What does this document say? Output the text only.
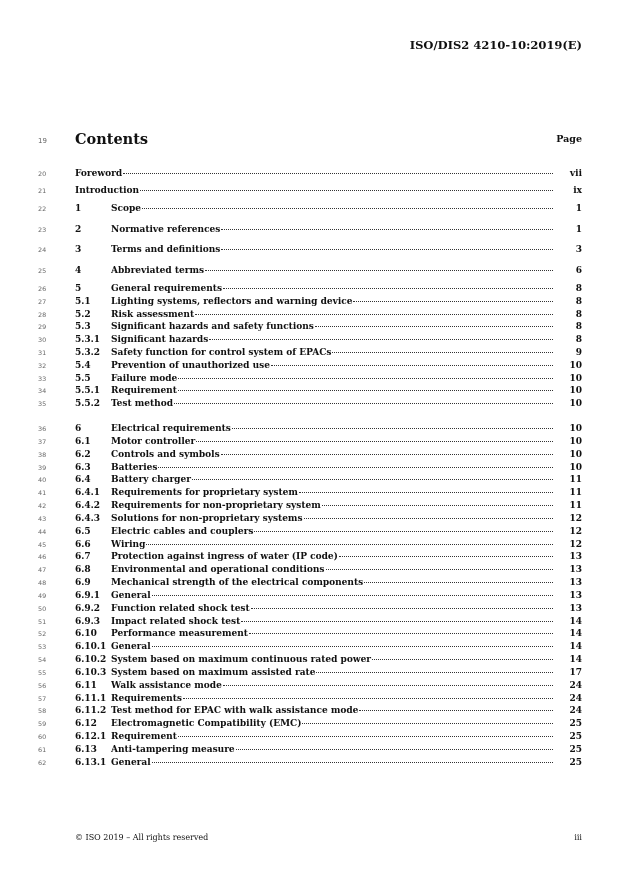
ISO/DIS2 4210-10:2019(E)
19 Contents	Page
20	Foreword	vii
21	Introduction	ix
22	1	Scope	1
23	2	Normative references	1
24	3	Terms and definitions	3
25	4	Abbreviated terms	6
26	5	General requirements	8
27	5.1 Lighting systems, reflectors and warning device	8
28	5.2 Risk assessment	8
29	5.3 Significant hazards and safety functions	8
30	5.3.1 Significant hazards	8
31	5.3.2 Safety function for control system of EPACs	9
32	5.4 Prevention of unauthorized use	10
33	5.5 Failure mode	10
34	5.5.1 Requirement	10
35	5.5.2 Test method	10
36	6	Electrical requirements	10
37	6.1 Motor controller	10
38	6.2 Controls and symbols	10
39	6.3 Batteries	10
40	6.4 Battery charger	11
41	6.4.1 Requirements for proprietary system	11
42	6.4.2 Requirements for non-proprietary system	11
43	6.4.3 Solutions for non-proprietary systems	12
44	6.5 Electric cables and couplers	12
45	6.6 Wiring	12
46	6.7 Protection against ingress of water (IP code)	13
47	6.8 Environmental and operational conditions	13
48	6.9 Mechanical strength of the electrical components	13
49	6.9.1 General	13
50	6.9.2 Function related shock test	13
51	6.9.3 Impact related shock test	14
52	6.10 Performance measurement	14
53	6.10.1 General	14
54	6.10.2 System based on maximum continuous rated power	14
55	6.10.3 System based on maximum assisted rate	17
56	6.11 Walk assistance mode	24
57	6.11.1 Requirements	24
58	6.11.2 Test method for EPAC with walk assistance mode	24
59	6.12 Electromagnetic Compatibility (EMC)	25
60	6.12.1 Requirement	25
61	6.13 Anti-tampering measure	25
62	6.13.1 General	25
© ISO 2019 – All rights reserved	iii
